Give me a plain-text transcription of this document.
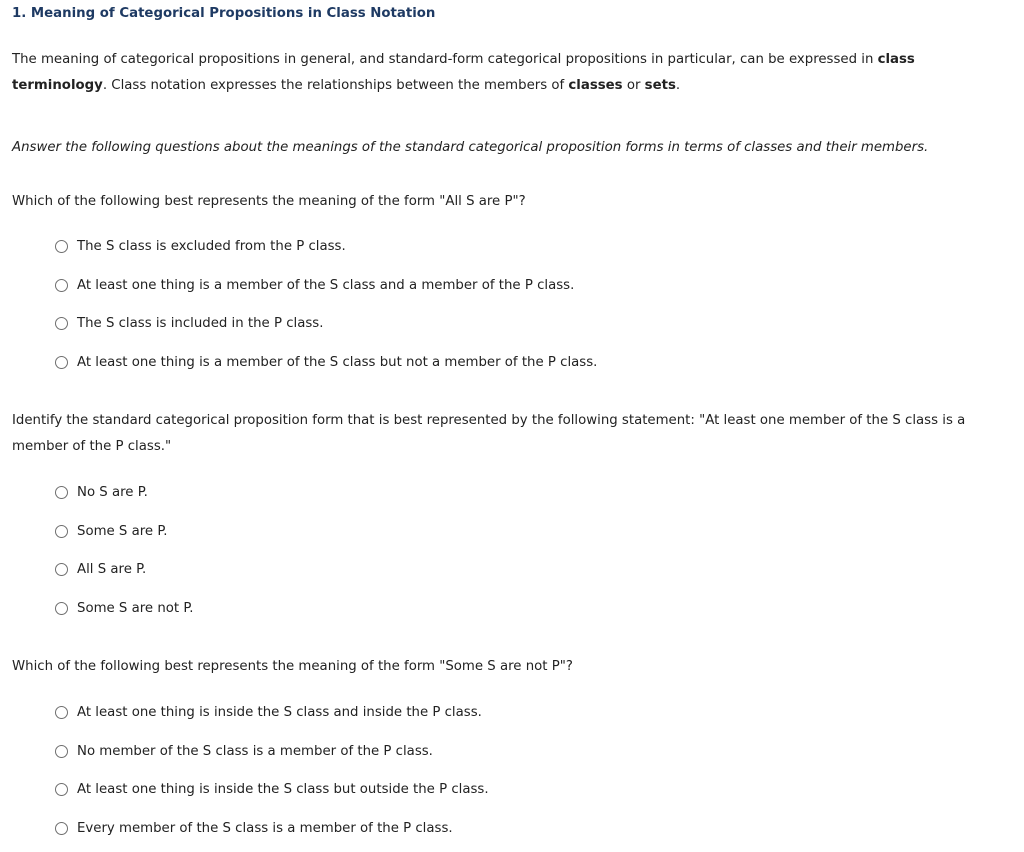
1. Meaning of Categorical Propositions in Class Notation
The meaning of categorical propositions in general, and standard-form categorical propositions in particular, can be expressed in class terminology. Class notation expresses the relationships between the members of classes or sets.
Answer the following questions about the meanings of the standard categorical proposition forms in terms of classes and their members.
Which of the following best represents the meaning of the form "All S are P"?
The S class is excluded from the P class.
At least one thing is a member of the S class and a member of the P class.
The S class is included in the P class.
At least one thing is a member of the S class but not a member of the P class.
Identify the standard categorical proposition form that is best represented by the following statement: "At least one member of the S class is a member of the P class."
No S are P.
Some S are P.
All S are P.
Some S are not P.
Which of the following best represents the meaning of the form "Some S are not P"?
At least one thing is inside the S class and inside the P class.
No member of the S class is a member of the P class.
At least one thing is inside the S class but outside the P class.
Every member of the S class is a member of the P class.
